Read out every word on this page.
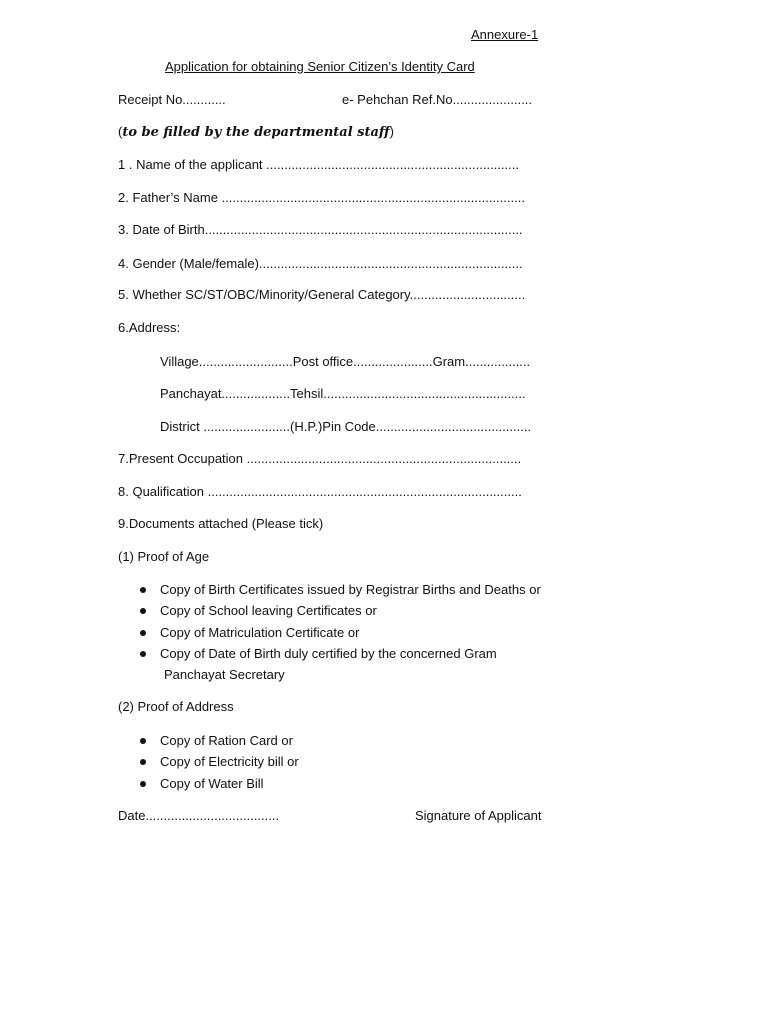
Annexure-1
Application for obtaining Senior Citizen’s Identity Card
Receipt No............	e- Pehchan Ref.No......................
(to be filled by the departmental staff)
1 . Name of the applicant ......................................................................
2. Father’s Name ....................................................................................
3. Date of Birth........................................................................................
4. Gender (Male/female).........................................................................
5. Whether SC/ST/OBC/Minority/General Category................................
6.Address:
Village..........................Post office......................Gram..................
Panchayat...................Tehsil........................................................
District ........................(H.P.)Pin Code...........................................
7.Present Occupation ............................................................................
8. Qualification .......................................................................................
9.Documents attached (Please tick)
(1) Proof of Age
Copy of Birth Certificates issued by Registrar Births and Deaths or
Copy of School leaving Certificates or
Copy of Matriculation Certificate or
Copy of Date of Birth duly certified by the concerned Gram
Panchayat Secretary
(2) Proof of Address
Copy of Ration Card or
Copy of Electricity bill or
Copy of Water Bill
Date.....................................	Signature of Applicant
